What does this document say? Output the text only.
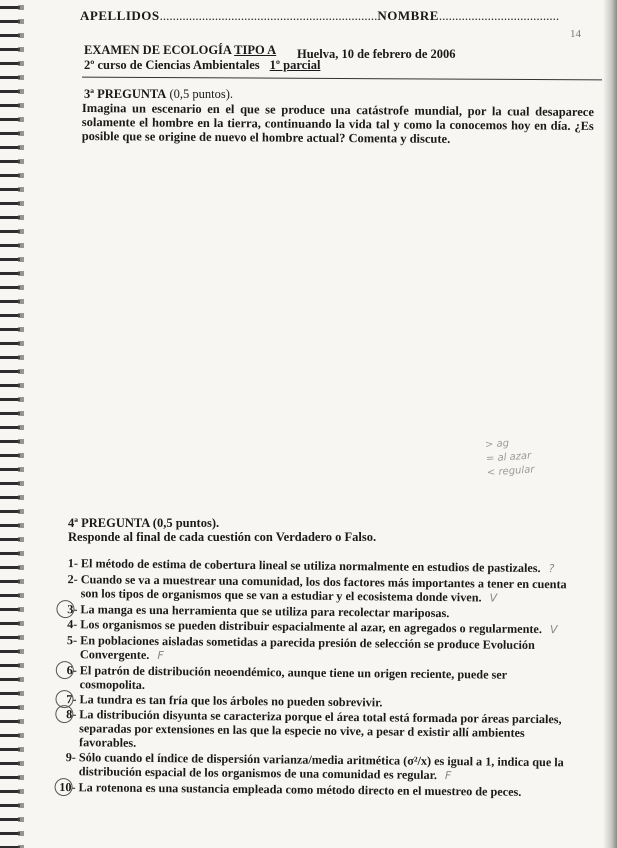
APELLIDOS...................................................................NOMBRE.....................................
14
EXAMEN DE ECOLOGÍA TIPO A Huelva, 10 de febrero de 2006
2º curso de Ciencias Ambientales 1º parcial
3ª PREGUNTA (0,5 puntos).
Imagina un escenario en el que se produce una catástrofe mundial, por la cual desaparece solamente el hombre en la tierra, continuando la vida tal y como la conocemos hoy en día. ¿Es posible que se origine de nuevo el hombre actual? Comenta y discute.
> ag
= al azar
< regular
4ª PREGUNTA (0,5 puntos).
Responde al final de cada cuestión con Verdadero o Falso.
1- El método de estima de cobertura lineal se utiliza normalmente en estudios de pastizales. ?
2- Cuando se va a muestrear una comunidad, los dos factores más importantes a tener en cuenta son los tipos de organismos que se van a estudiar y el ecosistema donde viven. V
3- La manga es una herramienta que se utiliza para recolectar mariposas.
4- Los organismos se pueden distribuir espacialmente al azar, en agregados o regularmente. V
5- En poblaciones aisladas sometidas a parecida presión de selección se produce Evolución Convergente. F
6- El patrón de distribución neoendémico, aunque tiene un origen reciente, puede ser cosmopolita.
7- La tundra es tan fría que los árboles no pueden sobrevivir.
8- La distribución disyunta se caracteriza porque el área total está formada por áreas parciales, separadas por extensiones en las que la especie no vive, a pesar d existir allí ambientes favorables.
9- Sólo cuando el índice de dispersión varianza/media aritmética (σ²/x) es igual a 1, indica que la distribución espacial de los organismos de una comunidad es regular. F
10- La rotenona es una sustancia empleada como método directo en el muestreo de peces.
